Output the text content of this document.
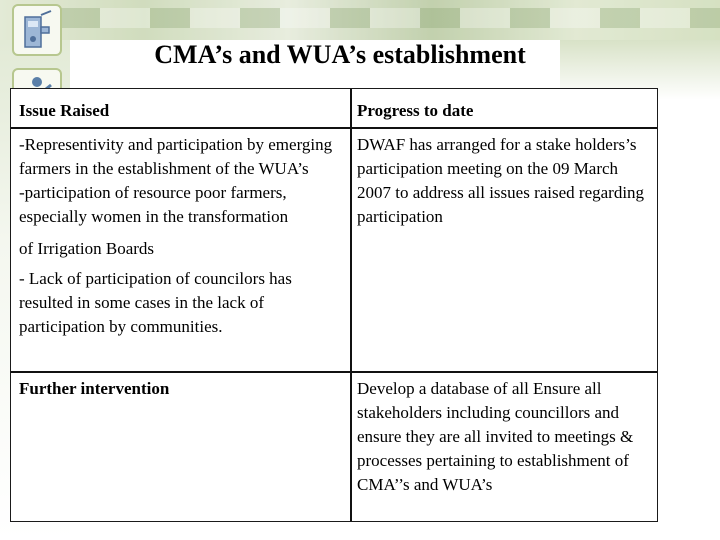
CMA’s and WUA’s establishment
Issue Raised	Progress to date
-Representivity and participation by emerging farmers in the establishment of the WUA’s
-participation of resource poor farmers, especially women in the transformation
of Irrigation Boards
- Lack of participation of councilors has resulted in some cases in the lack of participation by communities.
DWAF has arranged for a stake holders’s participation meeting on the 09 March 2007 to address all issues raised regarding participation
Further intervention	Develop a database of all Ensure all stakeholders including councillors and ensure they are all invited to meetings & processes pertaining to establishment of CMA’’s and WUA’s
